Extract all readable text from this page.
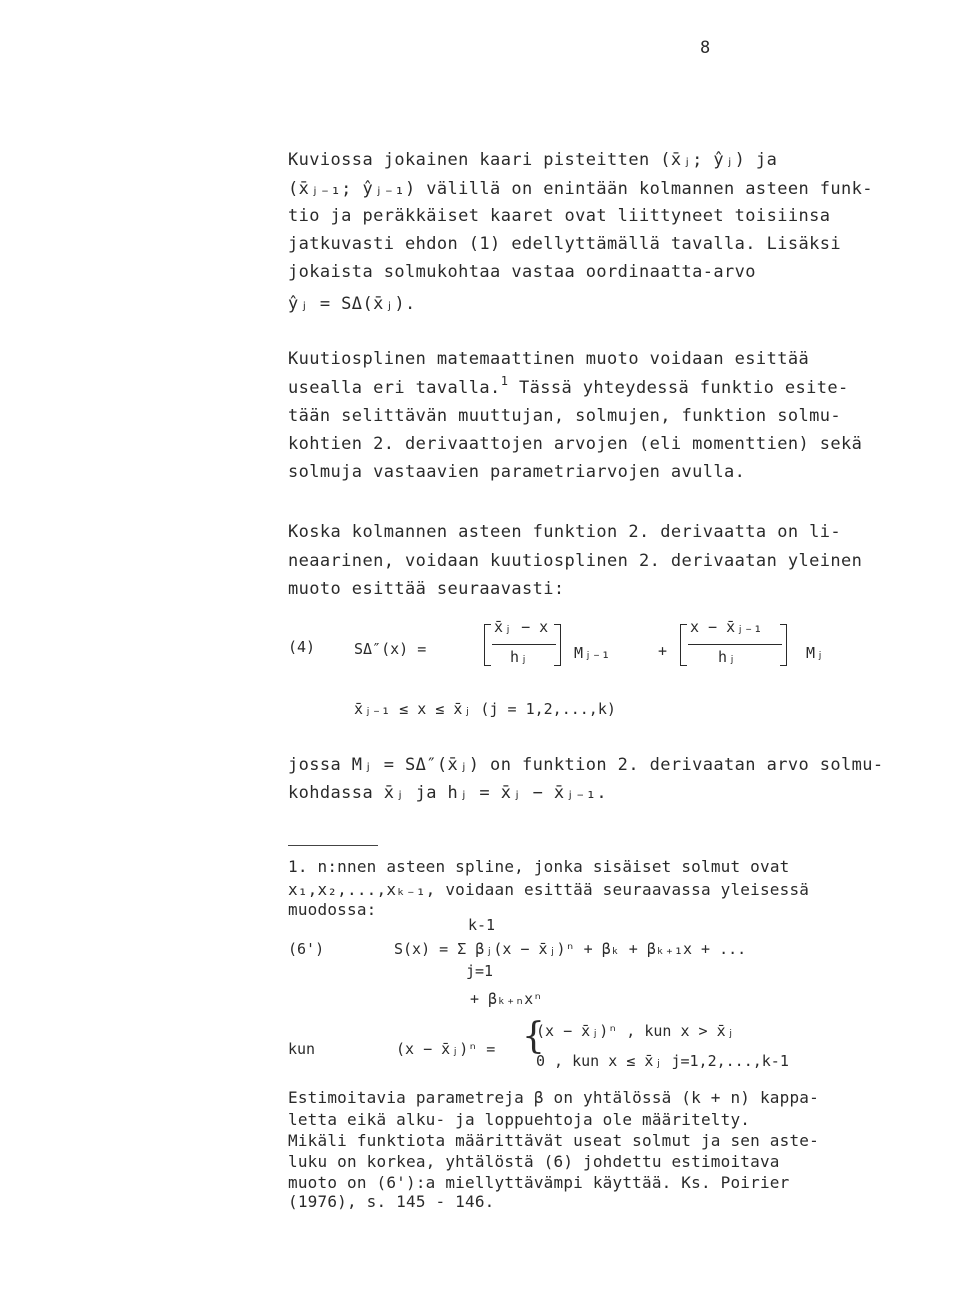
8
Kuviossa jokainen kaari pisteitten (x̄ⱼ; ŷⱼ) ja
(x̄ⱼ₋₁; ŷⱼ₋₁) välillä on enintään kolmannen asteen funk-
tio ja peräkkäiset kaaret ovat liittyneet toisiinsa
jatkuvasti ehdon (1) edellyttämällä tavalla. Lisäksi
jokaista solmukohtaa vastaa oordinaatta-arvo
ŷⱼ = SΔ(x̄ⱼ).
Kuutiosplinen matemaattinen muoto voidaan esittää
usealla eri tavalla.$^1$ Tässä yhteydessä funktio esite-
tään selittävän muuttujan, solmujen, funktion solmu-
kohtien 2. derivaattojen arvojen (eli momenttien) sekä
solmuja vastaavien parametriarvojen avulla.
Koska kolmannen asteen funktion 2. derivaatta on li-
neaarinen, voidaan kuutiosplinen 2. derivaatan yleinen
muoto esittää seuraavasti:
(4)	SΔ″(x) =
x̄ⱼ − x
hⱼ	Mⱼ₋₁	+
x − x̄ⱼ₋₁
hⱼ	Mⱼ
x̄ⱼ₋₁ ≤ x ≤ x̄ⱼ (j = 1,2,...,k)
jossa Mⱼ = SΔ″(x̄ⱼ) on funktion 2. derivaatan arvo solmu-
kohdassa x̄ⱼ ja hⱼ = x̄ⱼ − x̄ⱼ₋₁.
1. n:nnen asteen spline, jonka sisäiset solmut ovat
x₁,x₂,...,xₖ₋₁, voidaan esittää seuraavassa yleisessä
muodossa:
k-1
(6')	S(x) = Σ βⱼ(x − x̄ⱼ)ⁿ + βₖ + βₖ₊₁x + ...
j=1
+ βₖ₊ₙxⁿ
kun	(x − x̄ⱼ)ⁿ = {
(x − x̄ⱼ)ⁿ , kun x > x̄ⱼ
0 , kun x ≤ x̄ⱼ j=1,2,...,k-1
Estimoitavia parametreja β on yhtälössä (k + n) kappa-
letta eikä alku- ja loppuehtoja ole määritelty.
Mikäli funktiota määrittävät useat solmut ja sen aste-
luku on korkea, yhtälöstä (6) johdettu estimoitava
muoto on (6'):a miellyttävämpi käyttää. Ks. Poirier
(1976), s. 145 - 146.
